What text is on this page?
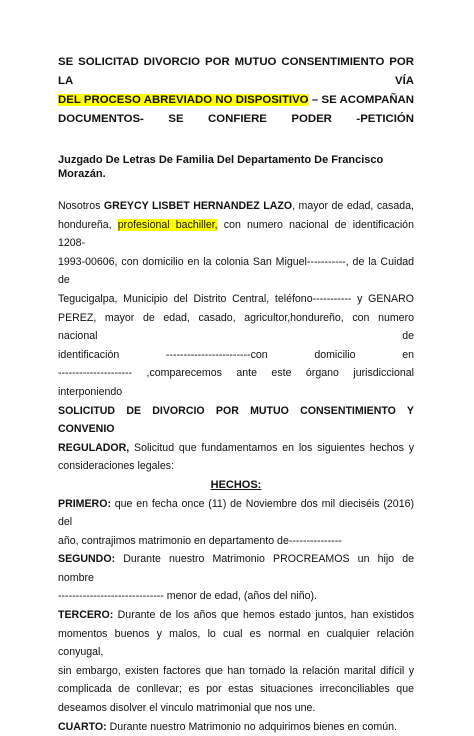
SE SOLICITAD DIVORCIO POR MUTUO CONSENTIMIENTO POR LA VÍA
DEL PROCESO ABREVIADO NO DISPOSITIVO – SE ACOMPAÑAN
DOCUMENTOS- SE CONFIERE PODER -PETICIÓN

Juzgado De Letras De Familia Del Departamento De Francisco Morazán.

Nosotros GREYCY LISBET HERNANDEZ LAZO, mayor de edad, casada,
hondureña, profesional bachiller, con numero nacional de identificación 1208-
1993-00606, con domicilio en la colonia San Miguel-----------, de la Cuidad de
Tegucigalpa, Municipio del Distrito Central, teléfono----------- y GENARO
PEREZ, mayor de edad, casado, agricultor,hondureño, con numero nacional de
identificación	------------------------con	domicilio	en
--------------------- ,comparecemos ante este órgano jurisdiccional interponiendo
SOLICITUD DE DIVORCIO POR MUTUO CONSENTIMIENTO Y CONVENIO
REGULADOR, Solicitud que fundamentamos en los siguientes hechos y
consideraciones legales:

HECHOS:

PRIMERO: que en fecha once (11) de Noviembre dos mil dieciséis (2016) del
año, contrajimos matrimonio en departamento de---------------
SEGUNDO: Durante nuestro Matrimonio PROCREAMOS un hijo de nombre
------------------------------ menor de edad, (años del niño).
TERCERO: Durante de los años que hemos estado juntos, han existidos
momentos buenos y malos, lo cual es normal en cualquier relación conyugal,
sin embargo, existen factores que han tornado la relación marital difícil y
complicada de conllevar; es por estas situaciones irreconciliables que
deseamos disolver el vinculo matrimonial que nos une.
CUARTO: Durante nuestro Matrimonio no adquirimos bienes en común.
